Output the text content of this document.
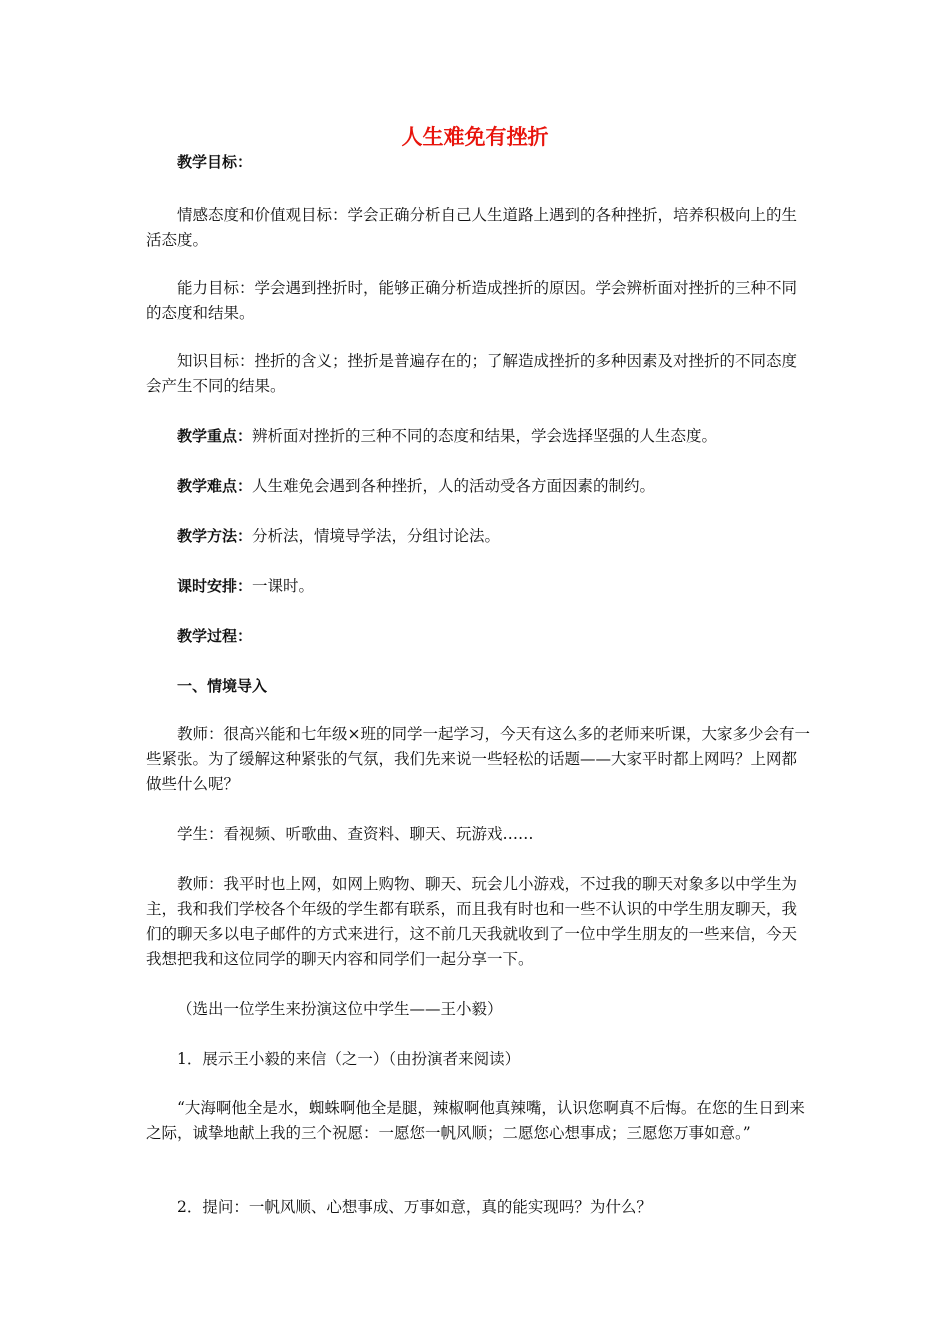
人生难免有挫折

教学目标：

情感态度和价值观目标：学会正确分析自己人生道路上遇到的各种挫折，培养积极向上的生活态度。

能力目标：学会遇到挫折时，能够正确分析造成挫折的原因。学会辨析面对挫折的三种不同的态度和结果。

知识目标：挫折的含义；挫折是普遍存在的；了解造成挫折的多种因素及对挫折的不同态度会产生不同的结果。

教学重点：辨析面对挫折的三种不同的态度和结果，学会选择坚强的人生态度。

教学难点：人生难免会遇到各种挫折，人的活动受各方面因素的制约。

教学方法：分析法，情境导学法，分组讨论法。

课时安排：一课时。

教学过程：

一、情境导入

教师：很高兴能和七年级×班的同学一起学习，今天有这么多的老师来听课，大家多少会有一些紧张。为了缓解这种紧张的气氛，我们先来说一些轻松的话题——大家平时都上网吗？上网都做些什么呢？

学生：看视频、听歌曲、查资料、聊天、玩游戏……

教师：我平时也上网，如网上购物、聊天、玩会儿小游戏，不过我的聊天对象多以中学生为主，我和我们学校各个年级的学生都有联系，而且我有时也和一些不认识的中学生朋友聊天，我们的聊天多以电子邮件的方式来进行，这不前几天我就收到了一位中学生朋友的一些来信，今天我想把我和这位同学的聊天内容和同学们一起分享一下。

（选出一位学生来扮演这位中学生——王小毅）

1．展示王小毅的来信（之一）（由扮演者来阅读）

“大海啊他全是水，蜘蛛啊他全是腿，辣椒啊他真辣嘴，认识您啊真不后悔。在您的生日到来之际，诚挚地献上我的三个祝愿：一愿您一帆风顺；二愿您心想事成；三愿您万事如意。”

2．提问：一帆风顺、心想事成、万事如意，真的能实现吗？为什么？
